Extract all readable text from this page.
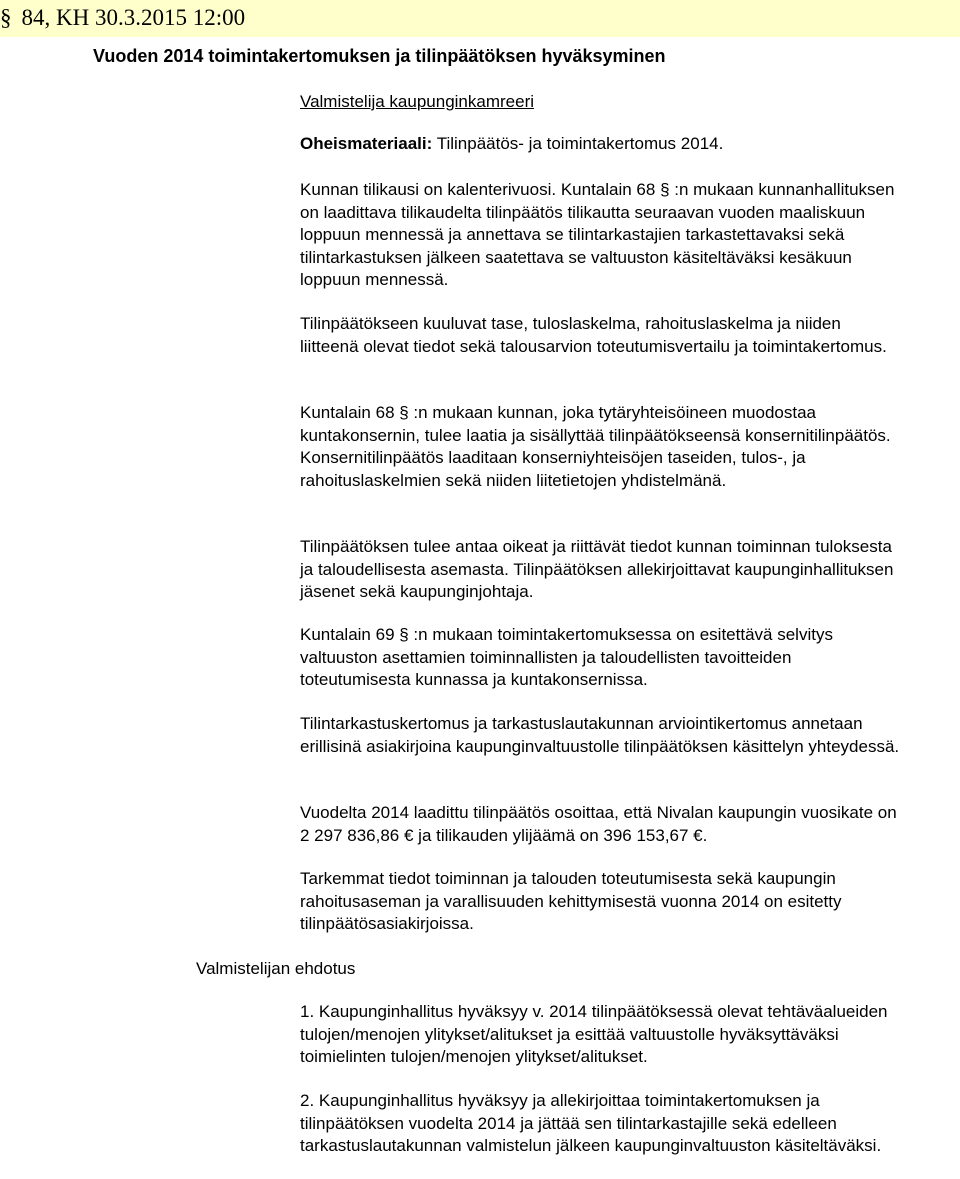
§ 84, KH 30.3.2015 12:00
Vuoden 2014 toimintakertomuksen ja tilinpäätöksen hyväksyminen
Valmistelija kaupunginkamreeri
Oheismateriaali: Tilinpäätös- ja toimintakertomus 2014.

Kunnan tilikausi on kalenterivuosi. Kuntalain 68 § :n mukaan kunnanhallituksen on laadittava tilikaudelta tilinpäätös tilikautta seuraavan vuoden maaliskuun loppuun mennessä ja annettava se tilintarkastajien tarkastettavaksi sekä tilintarkastuksen jälkeen saatettava se valtuuston käsiteltäväksi kesäkuun loppuun mennessä.

Tilinpäätökseen kuuluvat tase, tuloslaskelma, rahoituslaskelma ja niiden liitteenä olevat tiedot sekä talousarvion toteutumisvertailu ja toimintakertomus.

Kuntalain 68 § :n mukaan kunnan, joka tytäryhteisöineen muodostaa kuntakonsernin, tulee laatia ja sisällyttää tilinpäätökseensä konsernitilinpäätös. Konsernitilinpäätös laaditaan konserniyhteisöjen taseiden, tulos-, ja rahoituslaskelmien sekä niiden liitetietojen yhdistelmänä.

Tilinpäätöksen tulee antaa oikeat ja riittävät tiedot kunnan toiminnan tuloksesta ja taloudellisesta asemasta. Tilinpäätöksen allekirjoittavat kaupunginhallituksen jäsenet sekä kaupunginjohtaja.

Kuntalain 69 § :n mukaan toimintakertomuksessa on esitettävä selvitys valtuuston asettamien toiminnallisten ja taloudellisten tavoitteiden toteutumisesta kunnassa ja kuntakonsernissa.

Tilintarkastuskertomus ja tarkastuslautakunnan arviointikertomus annetaan erillisinä asiakirjoina kaupunginvaltuustolle tilinpäätöksen käsittelyn yhteydessä.

Vuodelta 2014 laadittu tilinpäätös osoittaa, että Nivalan kaupungin vuosikate on 2 297 836,86 € ja tilikauden ylijäämä on 396 153,67 €.

Tarkemmat tiedot toiminnan ja talouden toteutumisesta sekä kaupungin rahoitusaseman ja varallisuuden kehittymisestä vuonna 2014 on esitetty tilinpäätösasiakirjoissa.

Valmistelijan ehdotus

1. Kaupunginhallitus hyväksyy v. 2014 tilinpäätöksessä olevat tehtäväalueiden tulojen/menojen ylitykset/alitukset ja esittää valtuustolle hyväksyttäväksi toimielinten tulojen/menojen ylitykset/alitukset.

2. Kaupunginhallitus hyväksyy ja allekirjoittaa toimintakertomuksen ja tilinpäätöksen vuodelta 2014 ja jättää sen tilintarkastajille sekä edelleen tarkastuslautakunnan valmistelun jälkeen kaupunginvaltuuston käsiteltäväksi.
